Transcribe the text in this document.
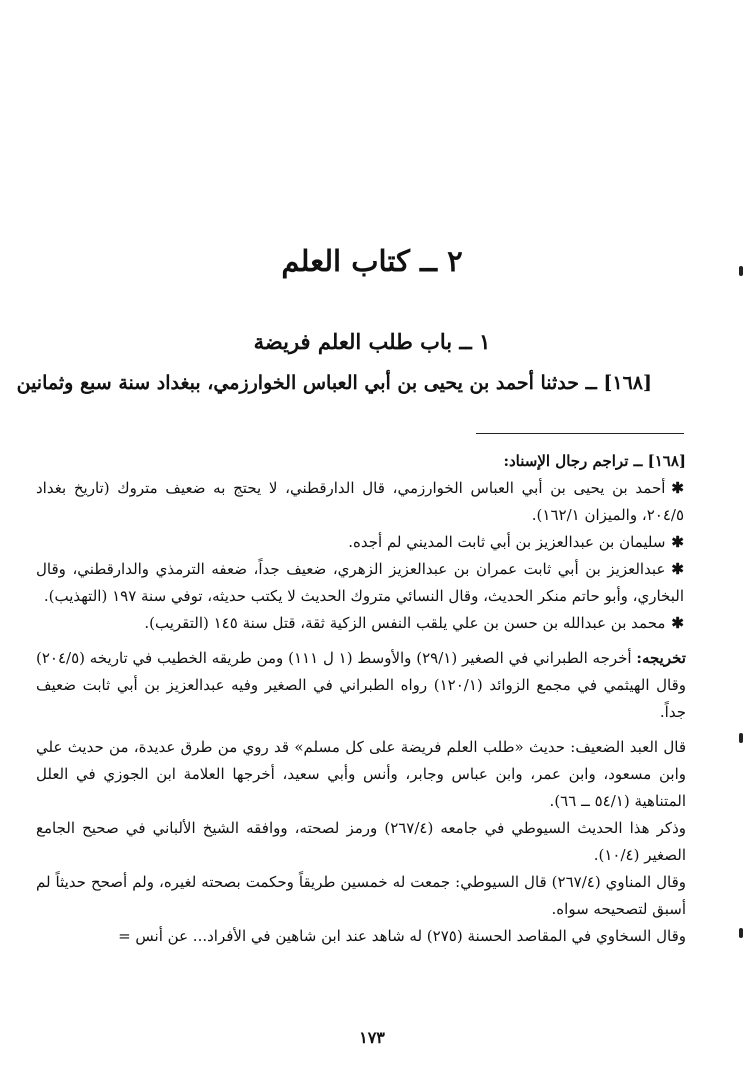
٢ ــ كتاب العلم
١ ــ باب طلب العلم فريضة

[١٦٨] ــ حدثنا أحمد بن يحيى بن أبي العباس الخوارزمي، ببغداد سنة سبع وثمانين

[١٦٨] ــ تراجم رجال الإسناد:

✱أحمد بن يحيى بن أبي العباس الخوارزمي، قال الدارقطني، لا يحتج به ضعيف متروك (تاريخ بغداد ٢٠٤/٥، والميزان ١٦٢/١).

✱سليمان بن عبدالعزيز بن أبي ثابت المديني لم أجده.

✱عبدالعزيز بن أبي ثابت عمران بن عبدالعزيز الزهري، ضعيف جداً، ضعفه الترمذي والدارقطني، وقال البخاري، وأبو حاتم منكر الحديث، وقال النسائي متروك الحديث لا يكتب حديثه، توفي سنة ١٩٧ (التهذيب).

✱محمد بن عبدالله بن حسن بن علي يلقب النفس الزكية ثقة، قتل سنة ١٤٥ (التقريب).

تخريجه: أخرجه الطبراني في الصغير (٢٩/١) والأوسط (١ ل ١١١) ومن طريقه الخطيب في تاريخه (٢٠٤/٥) وقال الهيثمي في مجمع الزوائد (١٢٠/١) رواه الطبراني في الصغير وفيه عبدالعزيز بن أبي ثابت ضعيف جداً.

قال العبد الضعيف: حديث «طلب العلم فريضة على كل مسلم» قد روي من طرق عديدة، من حديث علي وابن مسعود، وابن عمر، وابن عباس وجابر، وأنس وأبي سعيد، أخرجها العلامة ابن الجوزي في العلل المتناهية (٥٤/١ ــ ٦٦).

وذكر هذا الحديث السيوطي في جامعه (٢٦٧/٤) ورمز لصحته، ووافقه الشيخ الألباني في صحيح الجامع الصغير (١٠/٤).

وقال المناوي (٢٦٧/٤) قال السيوطي: جمعت له خمسين طريقاً وحكمت بصحته لغيره، ولم أصحح حديثاً لم أسبق لتصحيحه سواه.

وقال السخاوي في المقاصد الحسنة (٢٧٥) له شاهد عند ابن شاهين في الأفراد... عن أنس =

١٧٣
